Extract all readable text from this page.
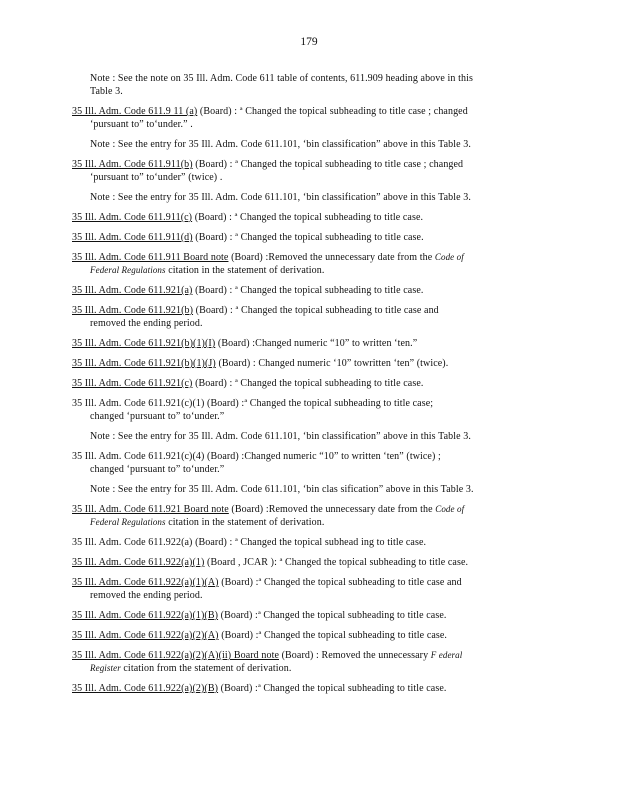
179
Note : See the note on 35 Ill. Adm. Code 611 table of contents, 611.909 heading above in this
Table 3.
35 Ill. Adm. Code 611.9 11 (a) (Board) : ª Changed the topical subheading to title case ; changed
‘pursuant to” to‘under.” .
Note : See the entry for 35 Ill. Adm. Code 611.101, ‘bin classification” above in this Table 3.
35 Ill. Adm. Code 611.911(b) (Board) : ª Changed the topical subheading to title case ; changed
‘pursuant to” to‘under” (twice) .
Note : See the entry for 35 Ill. Adm. Code 611.101, ‘bin classification” above in this Table 3.
35 Ill. Adm. Code 611.911(c) (Board) : ª Changed the topical subheading to title case.
35 Ill. Adm. Code 611.911(d) (Board) : ª Changed the topical subheading to title case.
35 Ill. Adm. Code 611.911 Board note (Board) :Removed the unnecessary date from the Code of
Federal Regulations citation in the statement of derivation.
35 Ill. Adm. Code 611.921(a) (Board) : ª Changed the topical subheading to title case.
35 Ill. Adm. Code 611.921(b) (Board) : ª Changed the topical subheading to title case and
removed the ending period.
35 Ill. Adm. Code 611.921(b)(1)(I) (Board) :Changed numeric “10” to written ‘ten.”
35 Ill. Adm. Code 611.921(b)(1)(J) (Board) : Changed numeric ‘10” towritten ‘ten” (twice).
35 Ill. Adm. Code 611.921(c) (Board) : ª Changed the topical subheading to title case.
35 Ill. Adm. Code 611.921(c)(1) (Board) :ª Changed the topical subheading to title case;
changed ‘pursuant to” to‘under.”
Note : See the entry for 35 Ill. Adm. Code 611.101, ‘bin classification” above in this Table 3.
35 Ill. Adm. Code 611.921(c)(4) (Board) :Changed numeric “10” to written ‘ten” (twice) ;
changed ‘pursuant to” to‘under.”
Note : See the entry for 35 Ill. Adm. Code 611.101, ‘bin clas sification” above in this Table 3.
35 Ill. Adm. Code 611.921 Board note (Board) :Removed the unnecessary date from the Code of
Federal Regulations citation in the statement of derivation.
35 Ill. Adm. Code 611.922(a) (Board) : ª Changed the topical subhead ing to title case.
35 Ill. Adm. Code 611.922(a)(1) (Board , JCAR ): ª Changed the topical subheading to title case.
35 Ill. Adm. Code 611.922(a)(1)(A) (Board) :ª Changed the topical subheading to title case and
removed the ending period.
35 Ill. Adm. Code 611.922(a)(1)(B) (Board) :ª Changed the topical subheading to title case.
35 Ill. Adm. Code 611.922(a)(2)(A) (Board) :ª Changed the topical subheading to title case.
35 Ill. Adm. Code 611.922(a)(2)(A)(ii) Board note (Board) : Removed the unnecessary F ederal
Register citation from the statement of derivation.
35 Ill. Adm. Code 611.922(a)(2)(B) (Board) :ª Changed the topical subheading to title case.
